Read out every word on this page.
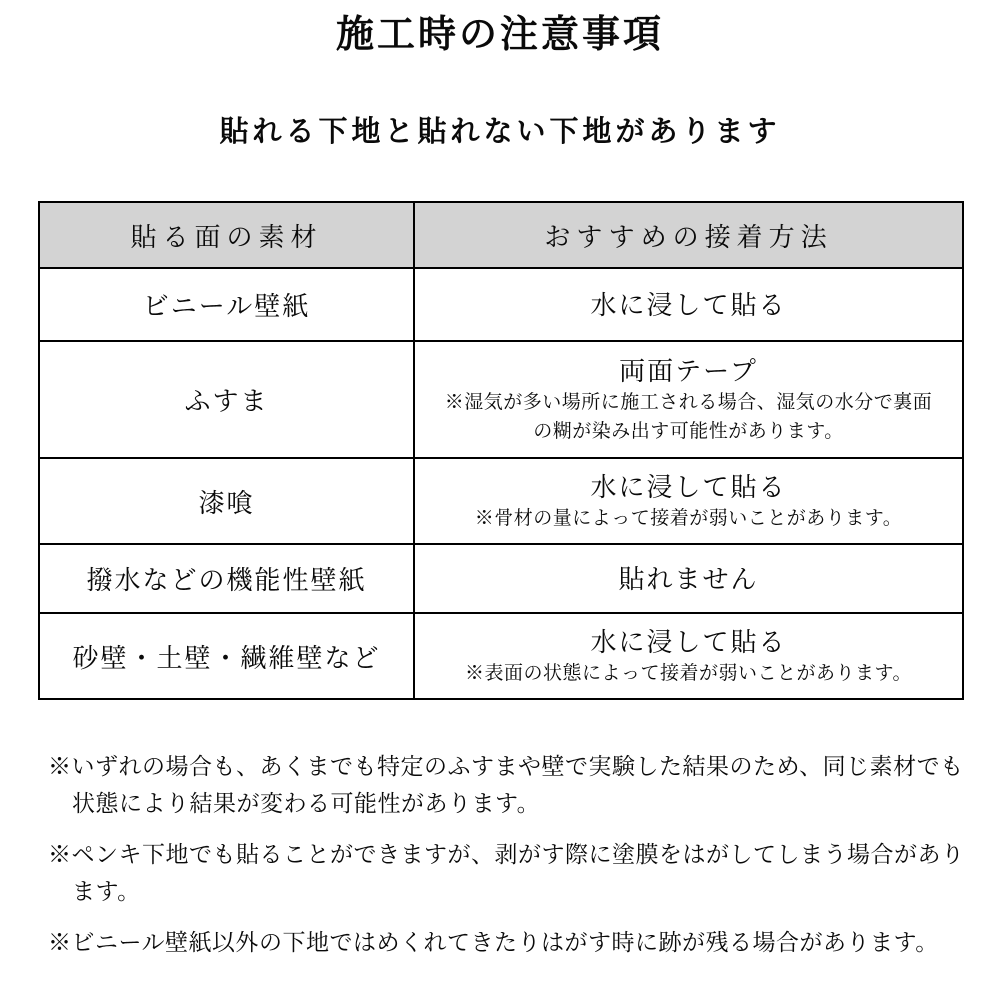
施工時の注意事項
貼れる下地と貼れない下地があります
貼る面の素材	おすすめの接着方法
ビニール壁紙	水に浸して貼る

ふすま	両面テープ
※湿気が多い場所に施工される場合、湿気の水分で裏面の糊が染み出す可能性があります。

漆喰	水に浸して貼る
※骨材の量によって接着が弱いことがあります。

撥水などの機能性壁紙	貼れません

砂壁・土壁・繊維壁など	水に浸して貼る
※表面の状態によって接着が弱いことがあります。

※いずれの場合も、あくまでも特定のふすまや壁で実験した結果のため、同じ素材でも状態により結果が変わる可能性があります。

※ペンキ下地でも貼ることができますが、剥がす際に塗膜をはがしてしまう場合があります。

※ビニール壁紙以外の下地ではめくれてきたりはがす時に跡が残る場合があります。
